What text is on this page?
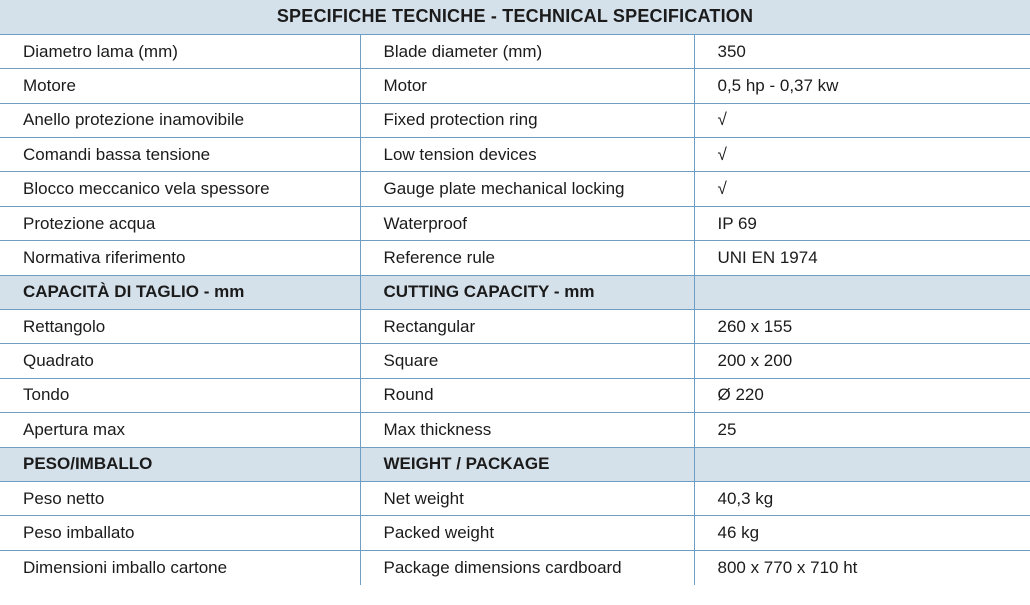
SPECIFICHE TECNICHE - TECHNICAL SPECIFICATION		
Diametro lama (mm)	Blade diameter (mm)	350
Motore	Motor	0,5 hp - 0,37 kw
Anello protezione inamovibile	Fixed protection ring	√
Comandi bassa tensione	Low tension devices	√
Blocco meccanico vela spessore	Gauge plate mechanical locking	√
Protezione acqua	Waterproof	IP 69
Normativa riferimento	Reference rule	UNI EN 1974
CAPACITÀ DI TAGLIO - mm	CUTTING CAPACITY - mm	
Rettangolo	Rectangular	260 x 155
Quadrato	Square	200 x 200
Tondo	Round	Ø 220
Apertura max	Max thickness	25
PESO/IMBALLO	WEIGHT / PACKAGE	
Peso netto	Net weight	40,3 kg
Peso imballato	Packed weight	46 kg
Dimensioni imballo cartone	Package dimensions cardboard	800 x 770 x 710 ht
